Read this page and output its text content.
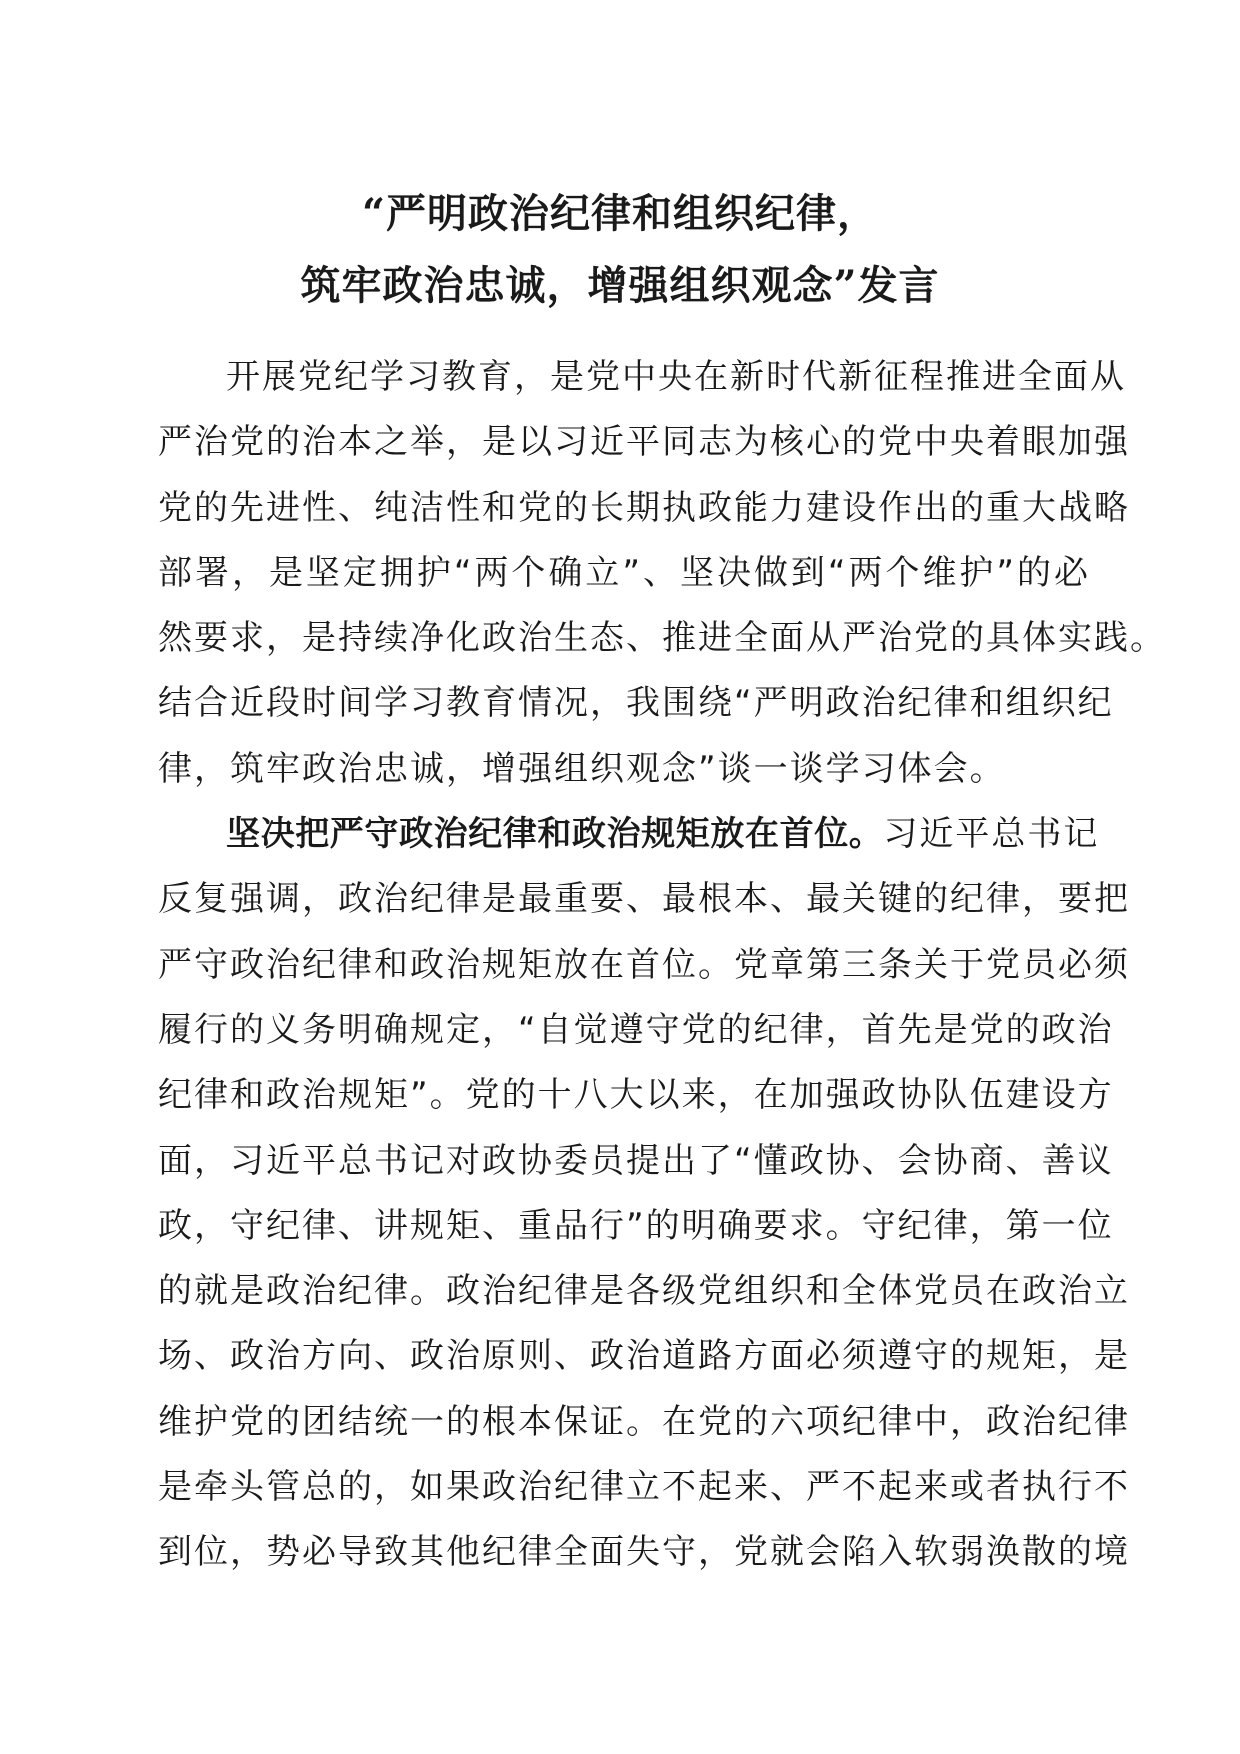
“严明政治纪律和组织纪律，
筑牢政治忠诚，增强组织观念”发言
开展党纪学习教育，是党中央在新时代新征程推进全面从
严治党的治本之举，是以习近平同志为核心的党中央着眼加强
党的先进性、纯洁性和党的长期执政能力建设作出的重大战略
部署，是坚定拥护“两个确立”、坚决做到“两个维护”的必
然要求，是持续净化政治生态、推进全面从严治党的具体实践。
结合近段时间学习教育情况，我围绕“严明政治纪律和组织纪
律，筑牢政治忠诚，增强组织观念”谈一谈学习体会。
坚决把严守政治纪律和政治规矩放在首位。习近平总书记
反复强调，政治纪律是最重要、最根本、最关键的纪律，要把
严守政治纪律和政治规矩放在首位。党章第三条关于党员必须
履行的义务明确规定，“自觉遵守党的纪律，首先是党的政治
纪律和政治规矩”。党的十八大以来，在加强政协队伍建设方
面，习近平总书记对政协委员提出了“懂政协、会协商、善议
政，守纪律、讲规矩、重品行”的明确要求。守纪律，第一位
的就是政治纪律。政治纪律是各级党组织和全体党员在政治立
场、政治方向、政治原则、政治道路方面必须遵守的规矩，是
维护党的团结统一的根本保证。在党的六项纪律中，政治纪律
是牵头管总的，如果政治纪律立不起来、严不起来或者执行不
到位，势必导致其他纪律全面失守，党就会陷入软弱涣散的境
